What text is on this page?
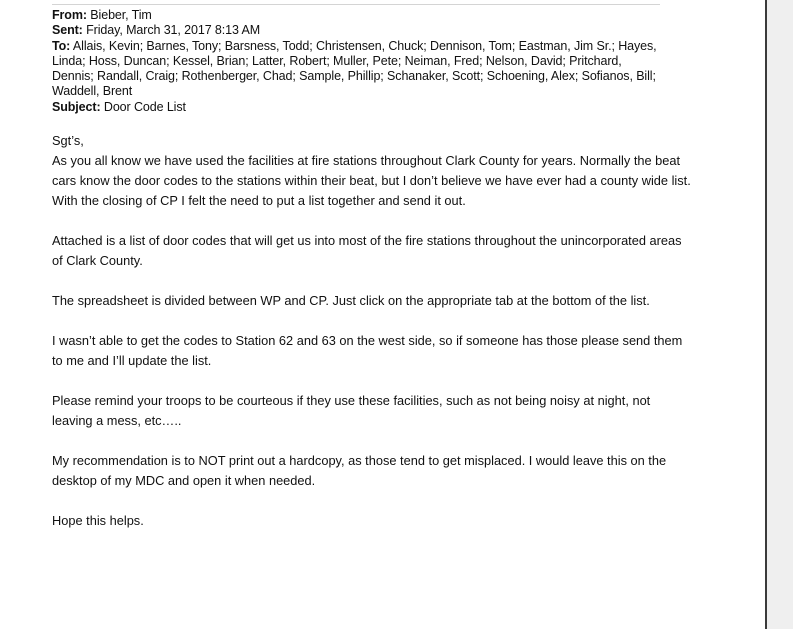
From: Bieber, Tim
Sent: Friday, March 31, 2017 8:13 AM
To: Allais, Kevin; Barnes, Tony; Barsness, Todd; Christensen, Chuck; Dennison, Tom; Eastman, Jim Sr.; Hayes, Linda; Hoss, Duncan; Kessel, Brian; Latter, Robert; Muller, Pete; Neiman, Fred; Nelson, David; Pritchard, Dennis; Randall, Craig; Rothenberger, Chad; Sample, Phillip; Schanaker, Scott; Schoening, Alex; Sofianos, Bill; Waddell, Brent
Subject: Door Code List

Sgt’s,

As you all know we have used the facilities at fire stations throughout Clark County for years. Normally the beat cars know the door codes to the stations within their beat, but I don’t believe we have ever had a county wide list. With the closing of CP I felt the need to put a list together and send it out.

Attached is a list of door codes that will get us into most of the fire stations throughout the unincorporated areas of Clark County.

The spreadsheet is divided between WP and CP. Just click on the appropriate tab at the bottom of the list.

I wasn’t able to get the codes to Station 62 and 63 on the west side, so if someone has those please send them to me and I’ll update the list.

Please remind your troops to be courteous if they use these facilities, such as not being noisy at night, not leaving a mess, etc…..

My recommendation is to NOT print out a hardcopy, as those tend to get misplaced. I would leave this on the desktop of my MDC and open it when needed.

Hope this helps.
